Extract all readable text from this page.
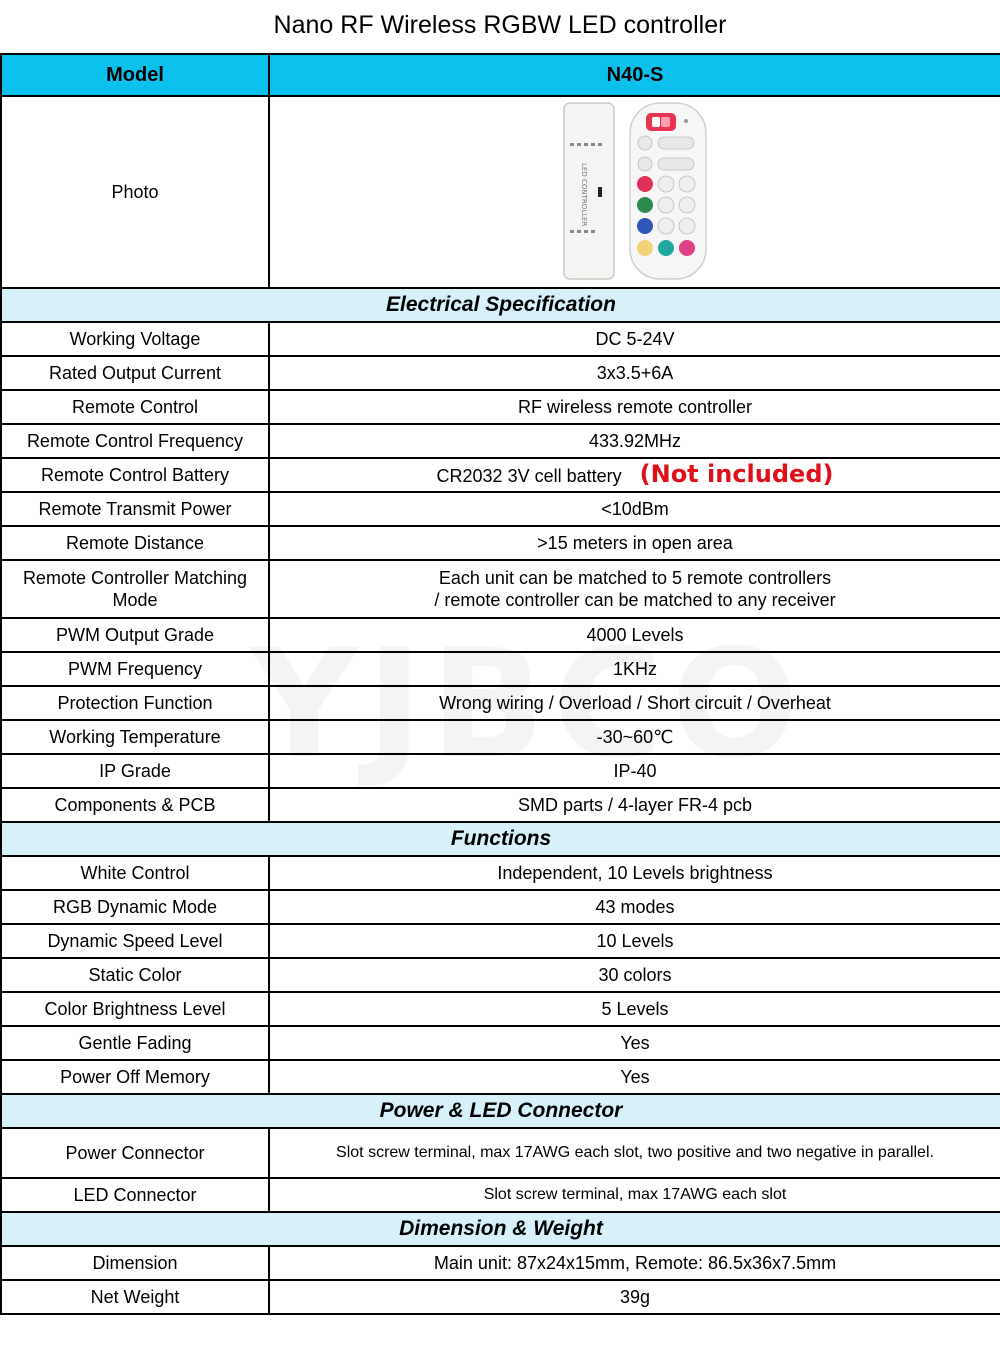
Nano RF Wireless RGBW LED controller
Model	N40-S
Photo	LED CONTROLLER

Electrical Specification	
Working Voltage	DC 5-24V
Rated Output Current	3x3.5+6A
Remote Control	RF wireless remote controller
Remote Control Frequency	433.92MHz
Remote Control Battery	CR2032 3V cell battery (Not included)
Remote Transmit Power	<10dBm
Remote Distance	>15 meters in open area
Remote Controller Matching Mode	Each unit can be matched to 5 remote controllers
/ remote controller can be matched to any receiver

PWM Output Grade	4000 Levels
PWM Frequency	1KHz
Protection Function	Wrong wiring / Overload / Short circuit / Overheat
Working Temperature	-30~60℃
IP Grade	IP-40
Components & PCB	SMD parts / 4-layer FR-4 pcb
Functions	
White Control	Independent, 10 Levels brightness
RGB Dynamic Mode	43 modes
Dynamic Speed Level	10 Levels
Static Color	30 colors
Color Brightness Level	5 Levels
Gentle Fading	Yes
Power Off Memory	Yes
Power & LED Connector	
Power Connector	Slot screw terminal, max 17AWG each slot, two positive and two negative in parallel.
LED Connector	Slot screw terminal, max 17AWG each slot
Dimension & Weight	
Dimension	Main unit: 87x24x15mm, Remote: 86.5x36x7.5mm
Net Weight	39g
